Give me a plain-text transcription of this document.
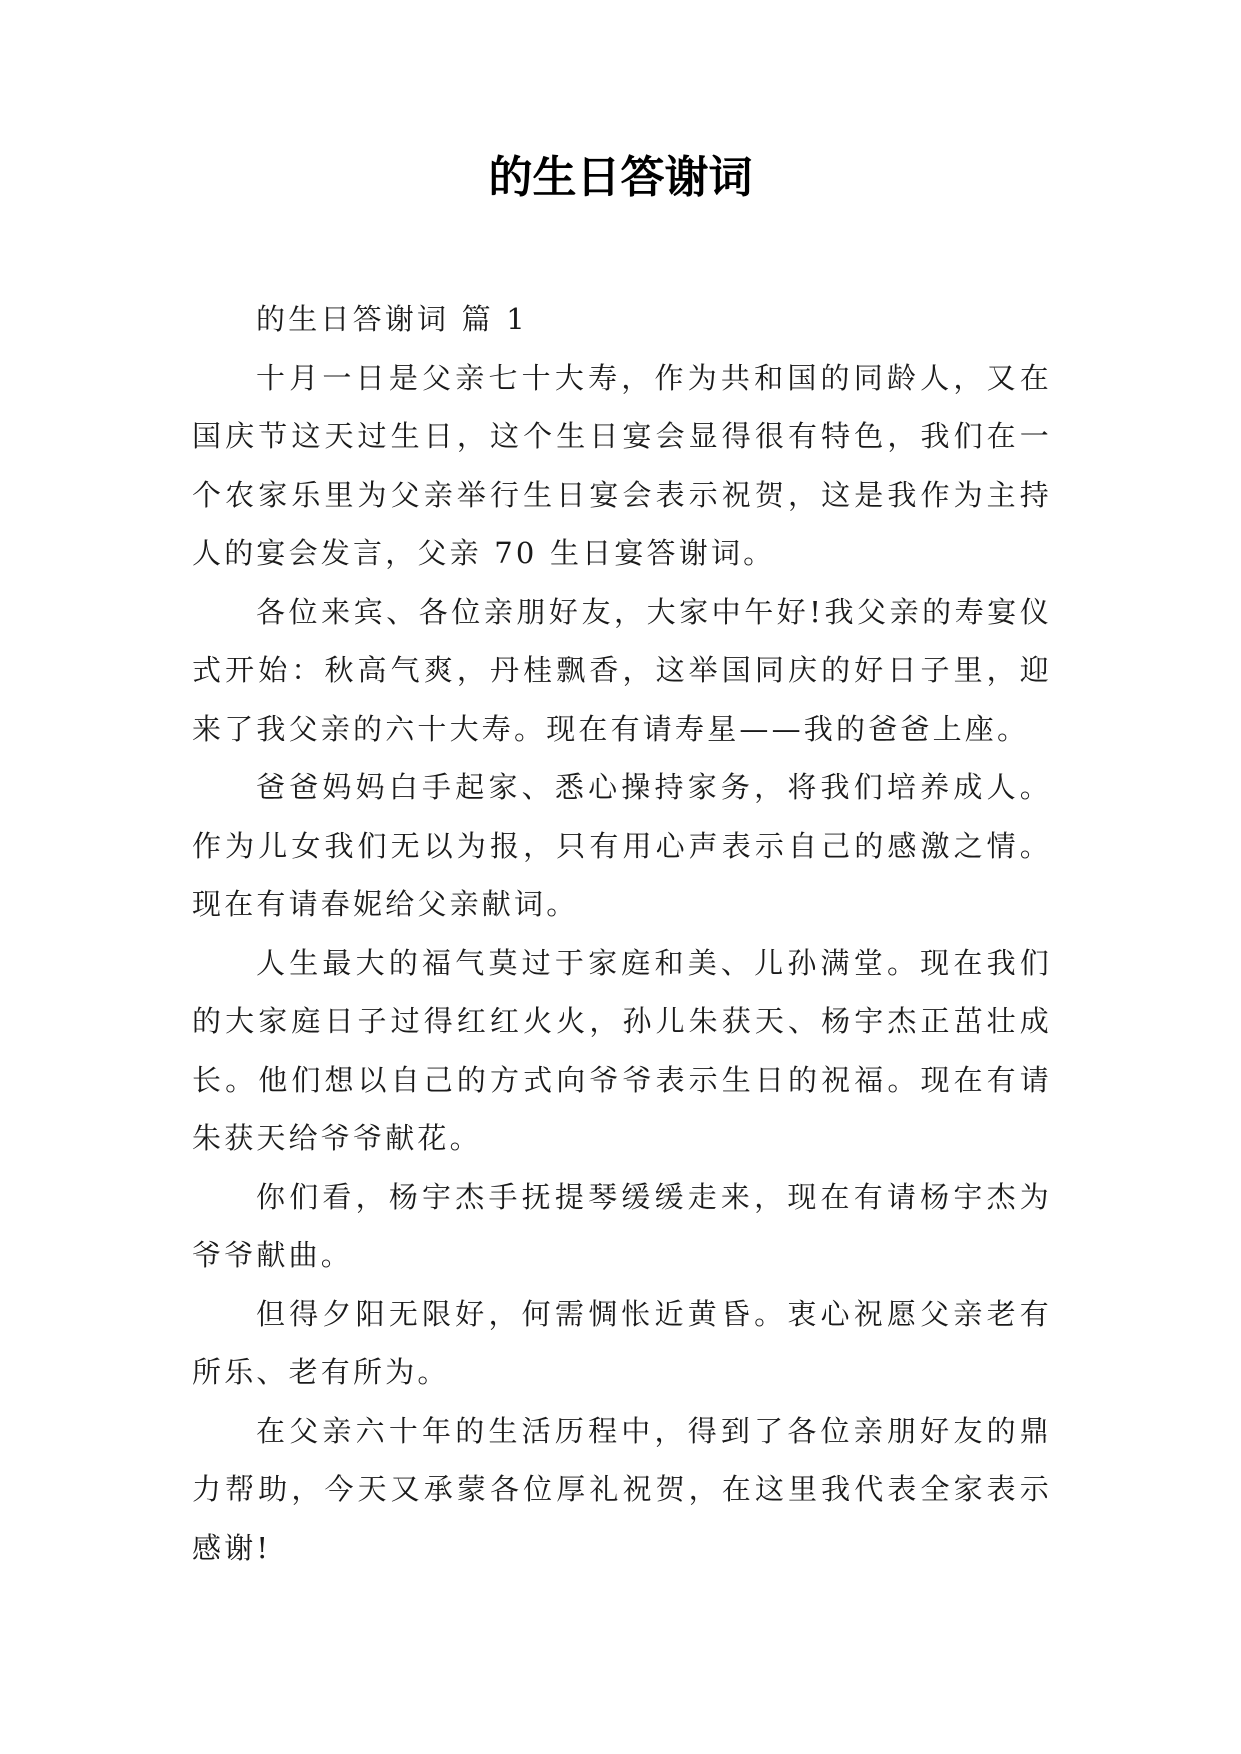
的生日答谢词

的生日答谢词 篇 1

十月一日是父亲七十大寿，作为共和国的同龄人，又在国庆节这天过生日，这个生日宴会显得很有特色，我们在一个农家乐里为父亲举行生日宴会表示祝贺，这是我作为主持人的宴会发言，父亲 70 生日宴答谢词。

各位来宾、各位亲朋好友，大家中午好!我父亲的寿宴仪式开始：秋高气爽，丹桂飘香，这举国同庆的好日子里，迎来了我父亲的六十大寿。现在有请寿星——我的爸爸上座。

爸爸妈妈白手起家、悉心操持家务，将我们培养成人。作为儿女我们无以为报，只有用心声表示自己的感激之情。现在有请春妮给父亲献词。

人生最大的福气莫过于家庭和美、儿孙满堂。现在我们的大家庭日子过得红红火火，孙儿朱获天、杨宇杰正茁壮成长。他们想以自己的方式向爷爷表示生日的祝福。现在有请朱获天给爷爷献花。

你们看，杨宇杰手抚提琴缓缓走来，现在有请杨宇杰为爷爷献曲。

但得夕阳无限好，何需惆怅近黄昏。衷心祝愿父亲老有所乐、老有所为。

在父亲六十年的生活历程中，得到了各位亲朋好友的鼎力帮助，今天又承蒙各位厚礼祝贺，在这里我代表全家表示感谢!
